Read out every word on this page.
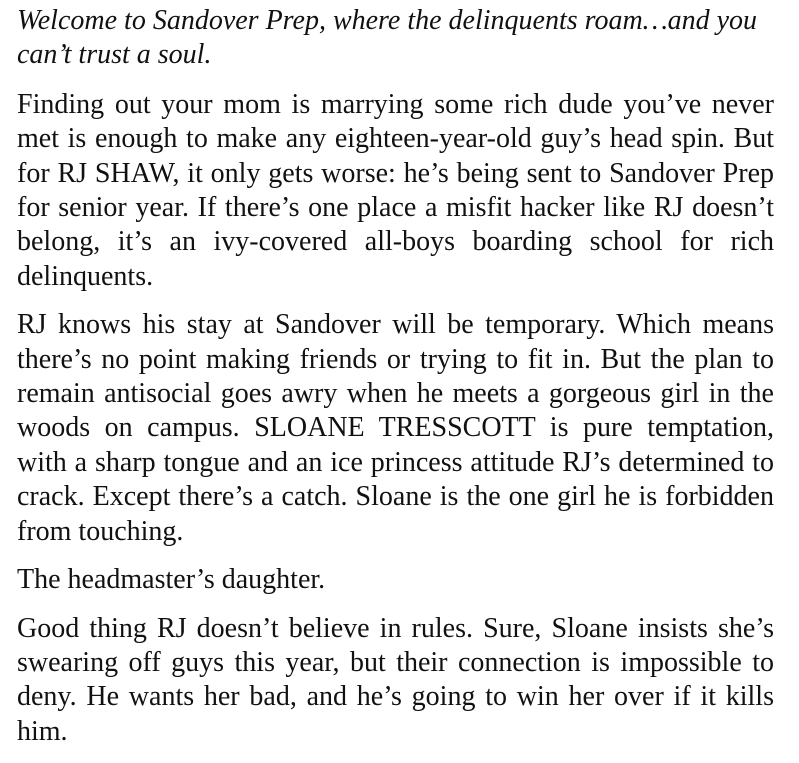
Welcome to Sandover Prep, where the delinquents roam…and you can’t trust a soul.

Finding out your mom is marrying some rich dude you’ve never met is enough to make any eighteen-year-old guy’s head spin. But for RJ SHAW, it only gets worse: he’s being sent to Sandover Prep for senior year. If there’s one place a misfit hacker like RJ doesn’t belong, it’s an ivy-covered all-boys boarding school for rich delinquents.

RJ knows his stay at Sandover will be temporary. Which means there’s no point making friends or trying to fit in. But the plan to remain antisocial goes awry when he meets a gorgeous girl in the woods on campus. SLOANE TRESSCOTT is pure temptation, with a sharp tongue and an ice princess attitude RJ’s determined to crack. Except there’s a catch. Sloane is the one girl he is forbidden from touching.

The headmaster’s daughter.

Good thing RJ doesn’t believe in rules. Sure, Sloane insists she’s swearing off guys this year, but their connection is impossible to deny. He wants her bad, and he’s going to win her over if it kills him.
